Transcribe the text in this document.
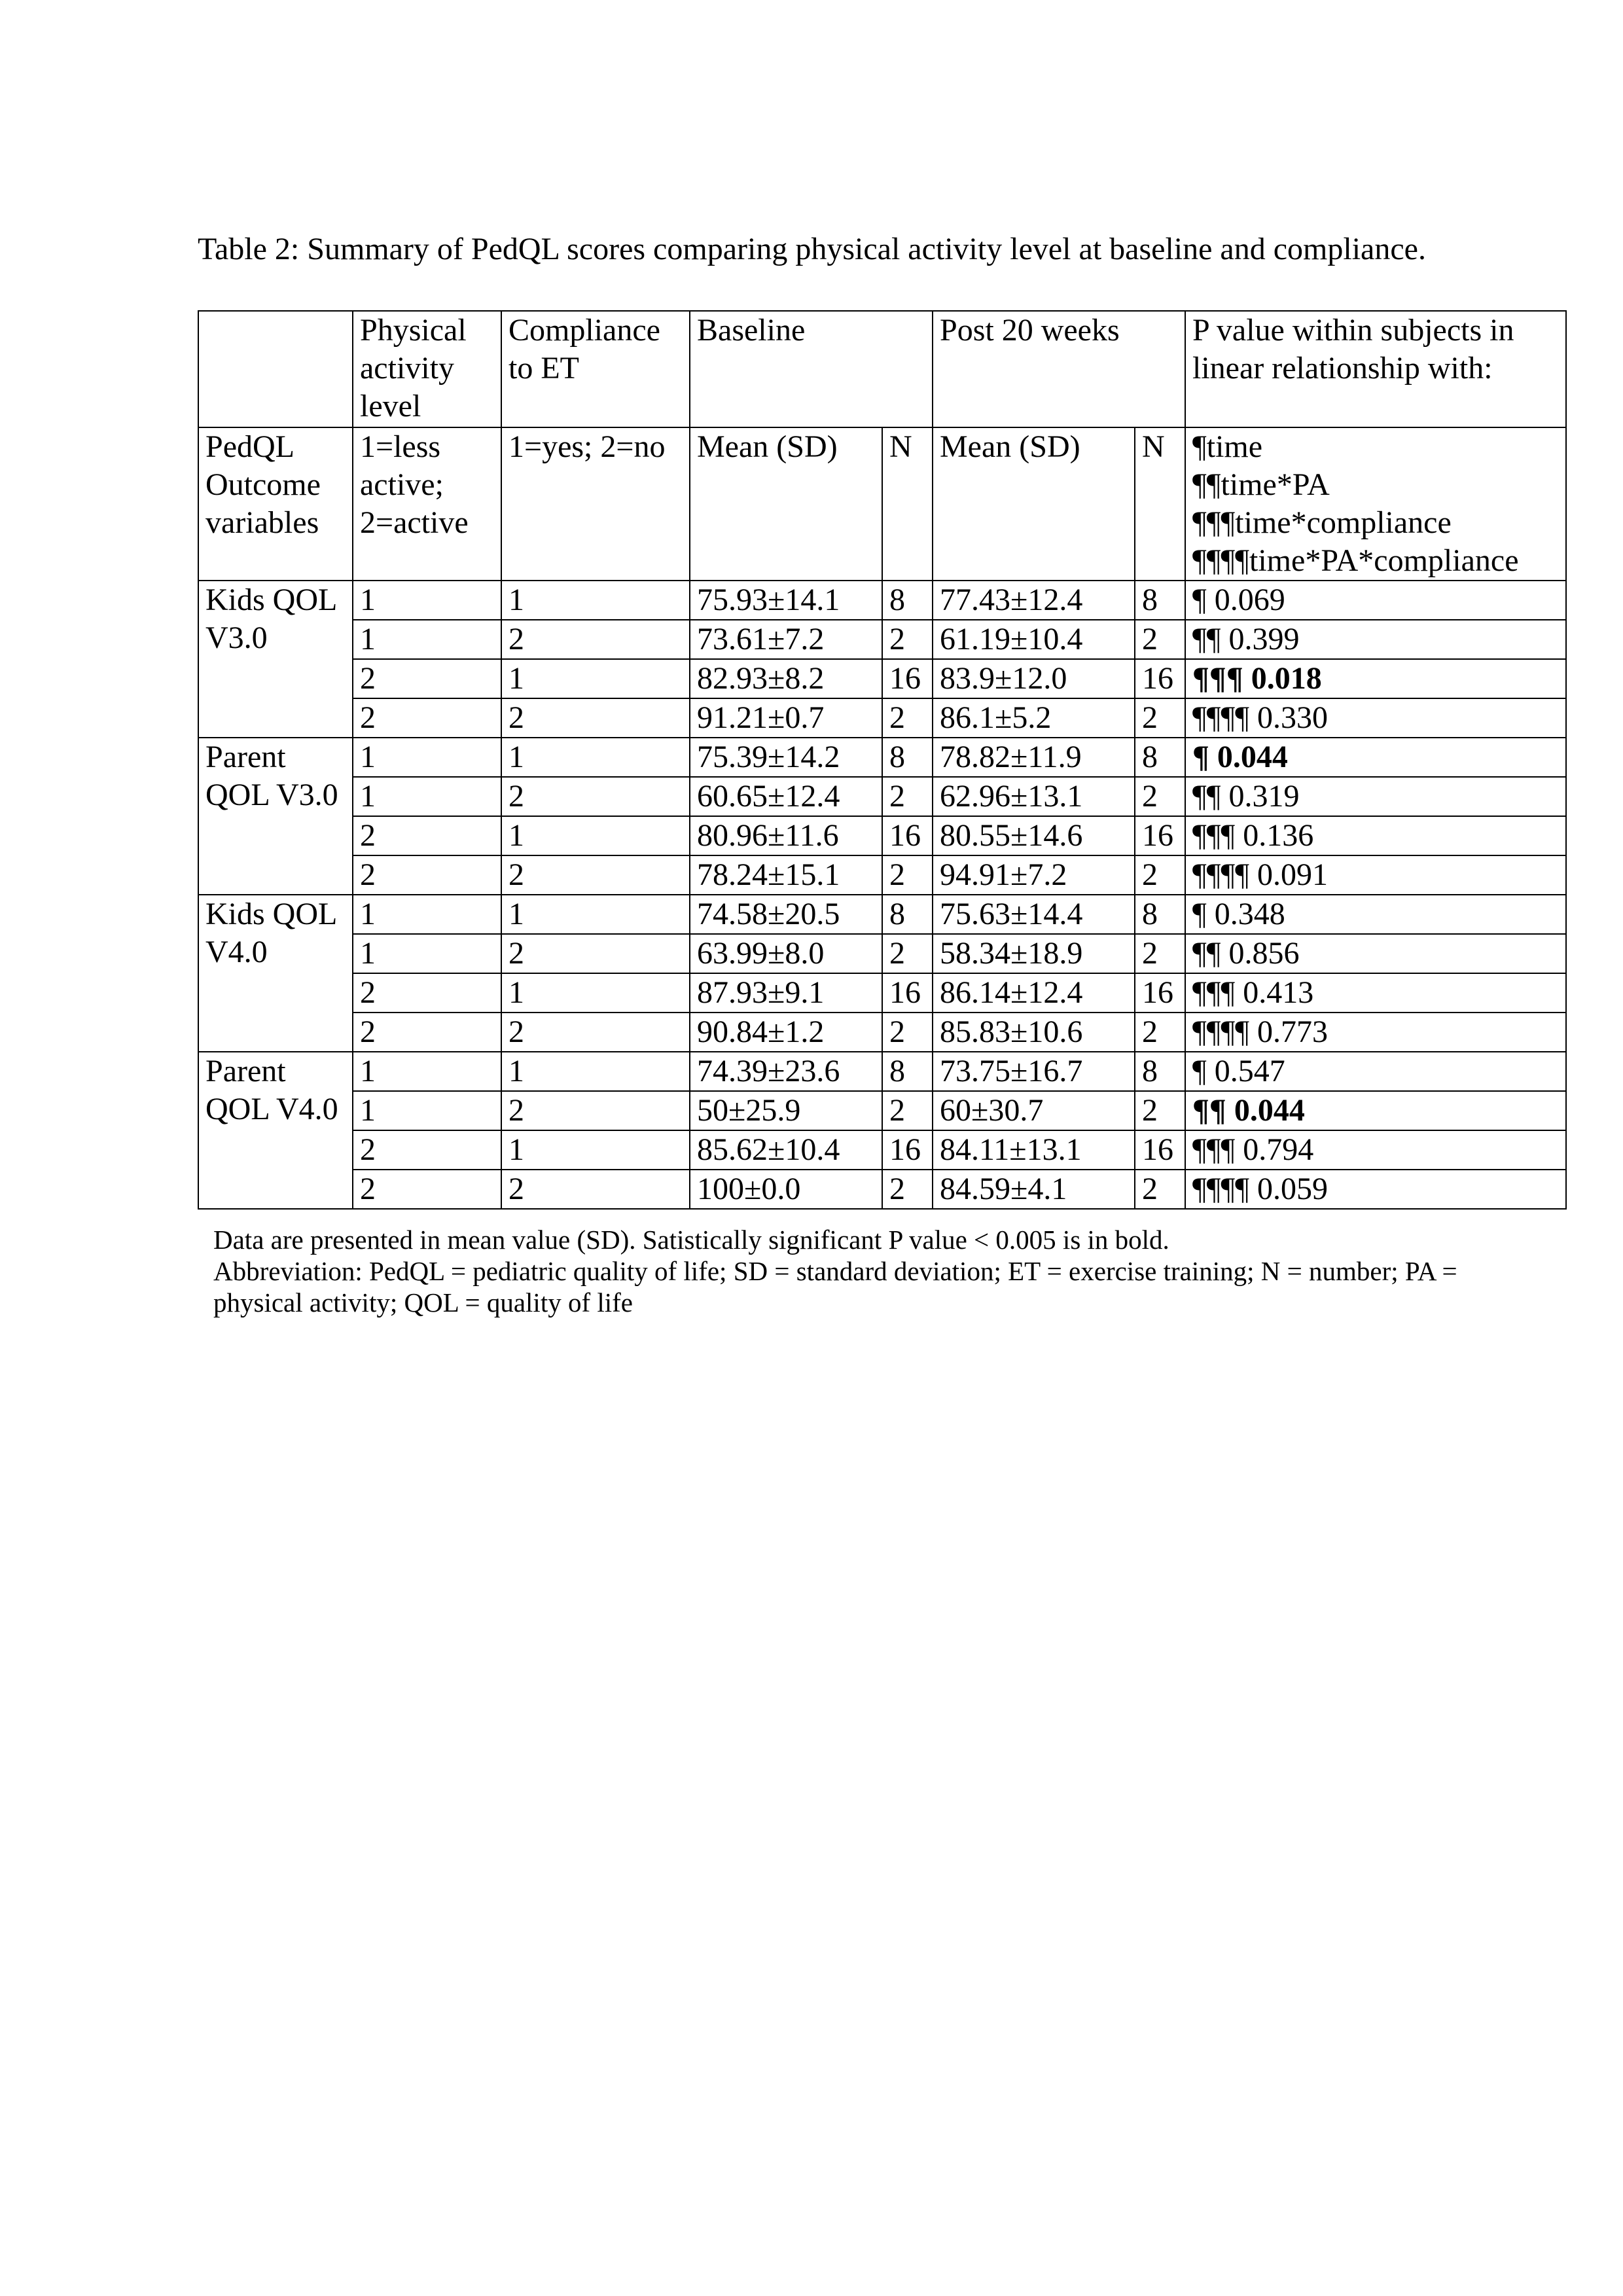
Table 2: Summary of PedQL scores comparing physical activity level at baseline and compliance.
	Physical activity level	Compliance to ET	Baseline		Post 20 weeks		P value within subjects in linear relationship with:
PedQL Outcome variables	1=less active; 2=active	1=yes; 2=no	Mean (SD)	N	Mean (SD)	N	¶time
¶¶time*PA
¶¶¶time*compliance
¶¶¶¶time*PA*compliance

Kids QOL V3.0	1	1	75.93±14.1	8	77.43±12.4	8	¶ 0.069
	1	2	73.61±7.2	2	61.19±10.4	2	¶¶ 0.399
	2	1	82.93±8.2	16	83.9±12.0	16	¶¶¶ 0.018
	2	2	91.21±0.7	2	86.1±5.2	2	¶¶¶¶ 0.330
Parent QOL V3.0	1	1	75.39±14.2	8	78.82±11.9	8	¶ 0.044
	1	2	60.65±12.4	2	62.96±13.1	2	¶¶ 0.319
	2	1	80.96±11.6	16	80.55±14.6	16	¶¶¶ 0.136
	2	2	78.24±15.1	2	94.91±7.2	2	¶¶¶¶ 0.091
Kids QOL V4.0	1	1	74.58±20.5	8	75.63±14.4	8	¶ 0.348
	1	2	63.99±8.0	2	58.34±18.9	2	¶¶ 0.856
	2	1	87.93±9.1	16	86.14±12.4	16	¶¶¶ 0.413
	2	2	90.84±1.2	2	85.83±10.6	2	¶¶¶¶ 0.773
Parent QOL V4.0	1	1	74.39±23.6	8	73.75±16.7	8	¶ 0.547
	1	2	50±25.9	2	60±30.7	2	¶¶ 0.044
	2	1	85.62±10.4	16	84.11±13.1	16	¶¶¶ 0.794
	2	2	100±0.0	2	84.59±4.1	2	¶¶¶¶ 0.059
Data are presented in mean value (SD). Satistically significant P value < 0.005 is in bold.
Abbreviation: PedQL = pediatric quality of life; SD = standard deviation; ET = exercise training; N = number; PA = physical activity; QOL = quality of life
